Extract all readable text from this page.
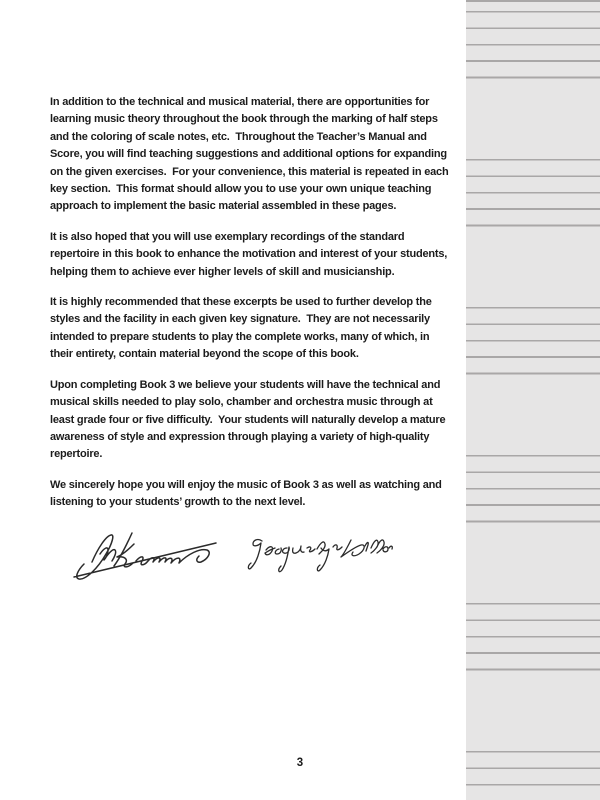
In addition to the technical and musical material, there are opportunities for learning music theory throughout the book through the marking of half steps and the coloring of scale notes, etc.  Throughout the Teacher’s Manual and Score, you will find teaching suggestions and additional options for expanding on the given exercises.  For your convenience, this material is repeated in each key section.  This format should allow you to use your own unique teaching approach to implement the basic material assembled in these pages.

It is also hoped that you will use exemplary recordings of the standard repertoire in this book to enhance the motivation and interest of your students, helping them to achieve ever higher levels of skill and musicianship.

It is highly recommended that these excerpts be used to further develop the styles and the facility in each given key signature.  They are not necessarily intended to prepare students to play the complete works, many of which, in their entirety, contain material beyond the scope of this book.

Upon completing Book 3 we believe your students will have the technical and musical skills needed to play solo, chamber and orchestra music through at least grade four or five difficulty.  Your students will naturally develop a mature awareness of style and expression through playing a variety of high-quality repertoire.

We sincerely hope you will enjoy the music of Book 3 as well as watching and listening to your students’ growth to the next level.

3
